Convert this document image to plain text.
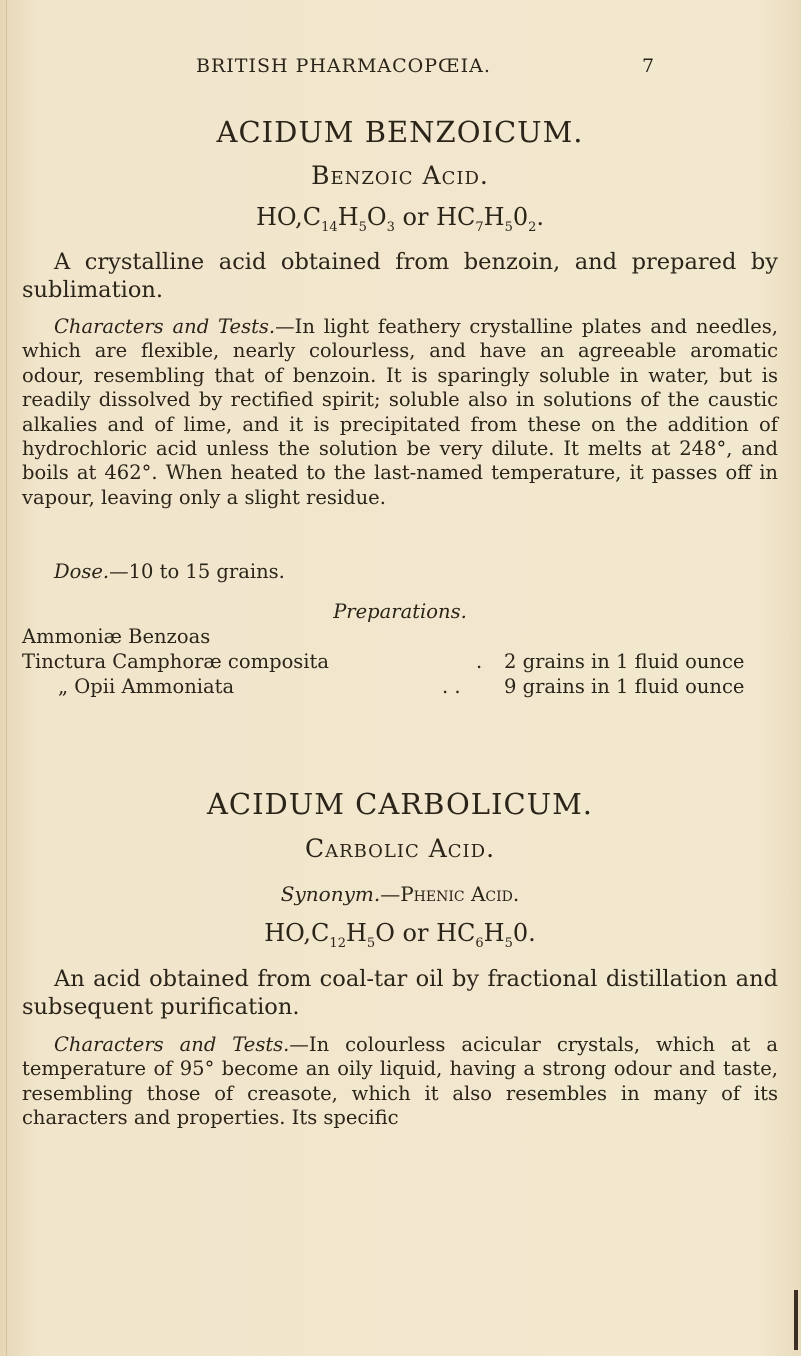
BRITISH PHARMACOPŒIA.	7
ACIDUM BENZOICUM.
Benzoic Acid.
$HO,C_{14}H_5O_3$ or $HC_7H_50_2$.

A crystalline acid obtained from benzoin, and prepared by sublimation.

Characters and Tests.—In light feathery crystalline plates and needles, which are flexible, nearly colourless, and have an agreeable aromatic odour, resembling that of benzoin. It is sparingly soluble in water, but is readily dissolved by rectified spirit; soluble also in solutions of the caustic alkalies and of lime, and it is precipitated from these on the addition of hydrochloric acid unless the solution be very dilute. It melts at 248°, and boils at 462°. When heated to the last-named temperature, it passes off in vapour, leaving only a slight residue.

Dose.—10 to 15 grains.

Preparations.
Ammoniæ Benzoas
Tinctura Camphoræ composita	. 2 grains in 1 fluid ounce
„ Opii Ammoniata	. . 9 grains in 1 fluid ounce
ACIDUM CARBOLICUM.
Carbolic Acid.
Synonym.—Phenic Acid.
$HO,C_{12}H_5O$ or $HC_6H_50$.

An acid obtained from coal-tar oil by fractional distillation and subsequent purification.

Characters and Tests.—In colourless acicular crystals, which at a temperature of 95° become an oily liquid, having a strong odour and taste, resembling those of creasote, which it also resembles in many of its characters and properties. Its specific
